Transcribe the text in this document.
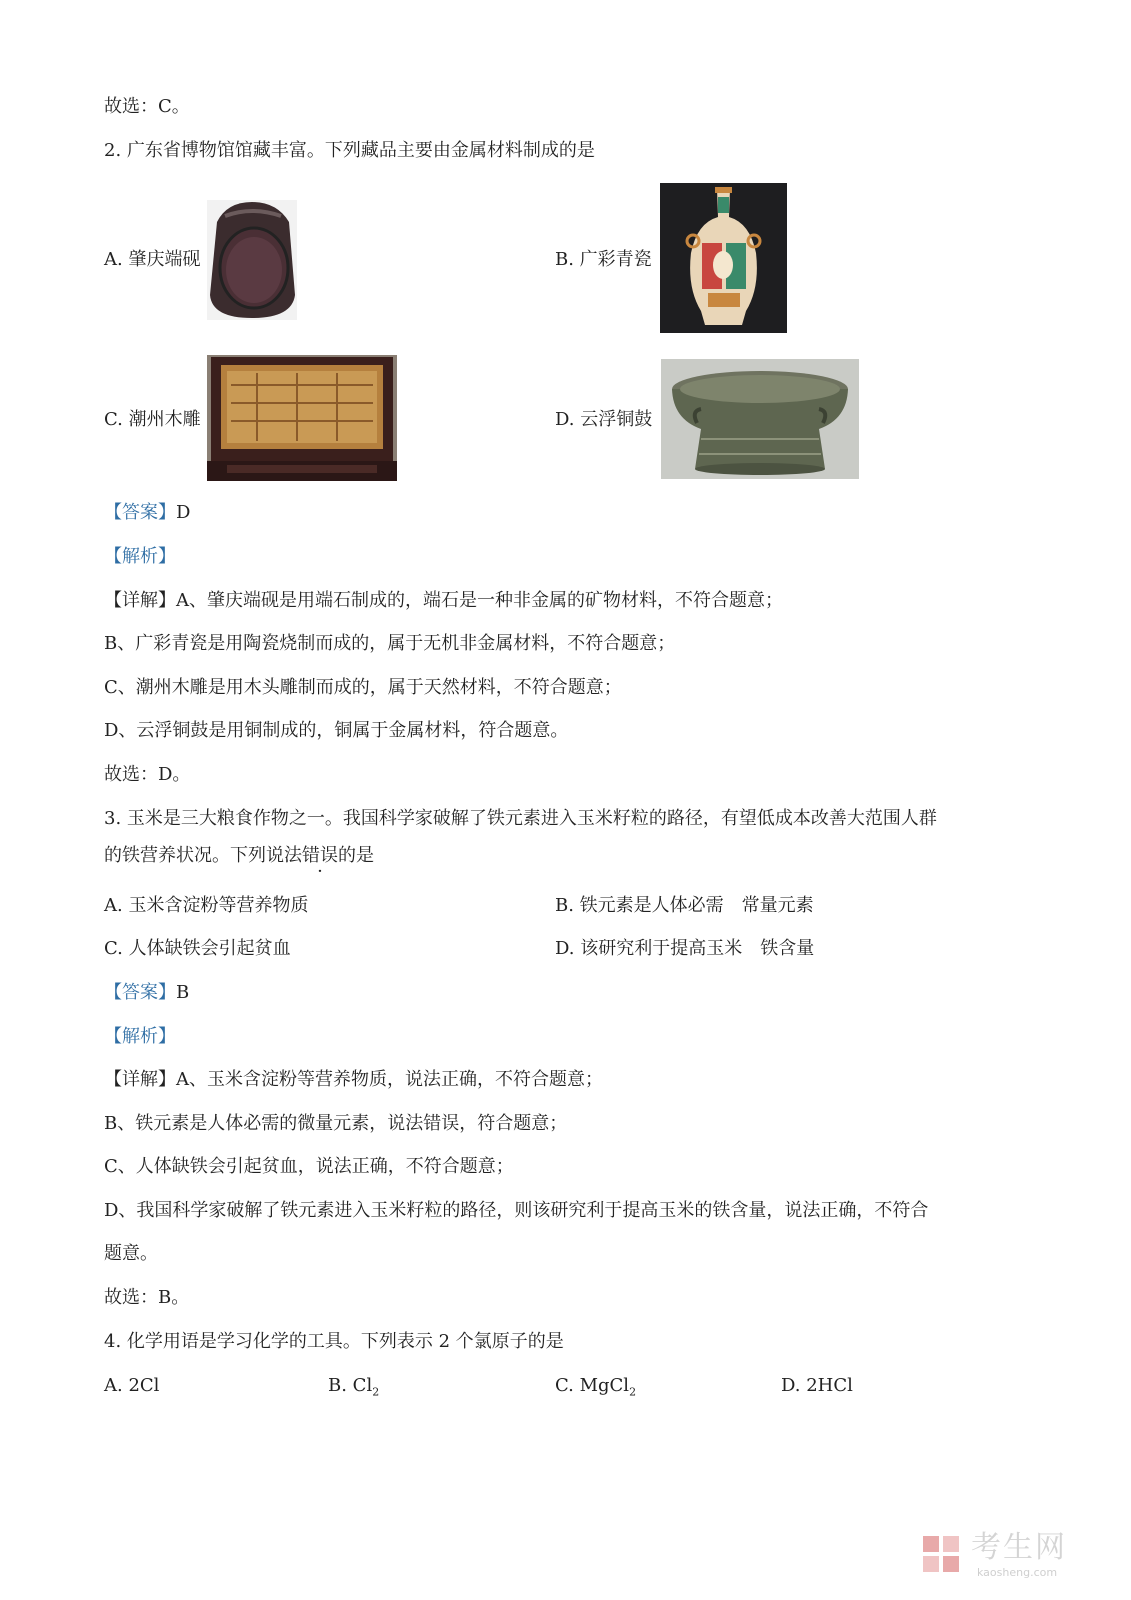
故选：C。
2. 广东省博物馆馆藏丰富。下列藏品主要由金属材料制成的是
A. 肇庆端砚	B. 广彩青瓷
C. 潮州木雕	D. 云浮铜鼓
【答案】D
【解析】
【详解】A、肇庆端砚是用端石制成的，端石是一种非金属的矿物材料，不符合题意；
B、广彩青瓷是用陶瓷烧制而成的，属于无机非金属材料，不符合题意；
C、潮州木雕是用木头雕制而成的，属于天然材料，不符合题意；
D、云浮铜鼓是用铜制成的，铜属于金属材料，符合题意。
故选：D。
3. 玉米是三大粮食作物之一。我国科学家破解了铁元素进入玉米籽粒的路径，有望低成本改善大范围人群
的铁营养状况。下列说法错误的是
A. 玉米含淀粉等营养物质	B. 铁元素是人体必需　常量元素
C. 人体缺铁会引起贫血	D. 该研究利于提高玉米　铁含量
【答案】B
【解析】
【详解】A、玉米含淀粉等营养物质，说法正确，不符合题意；
B、铁元素是人体必需的微量元素，说法错误，符合题意；
C、人体缺铁会引起贫血，说法正确，不符合题意；
D、我国科学家破解了铁元素进入玉米籽粒的路径，则该研究利于提高玉米的铁含量，说法正确，不符合
题意。
故选：B。
4. 化学用语是学习化学的工具。下列表示 2 个氯原子的是
A. 2Cl	B. $Cl_2$	C. MgCl$_2$	D. 2HCl
考生网
kaosheng.com
